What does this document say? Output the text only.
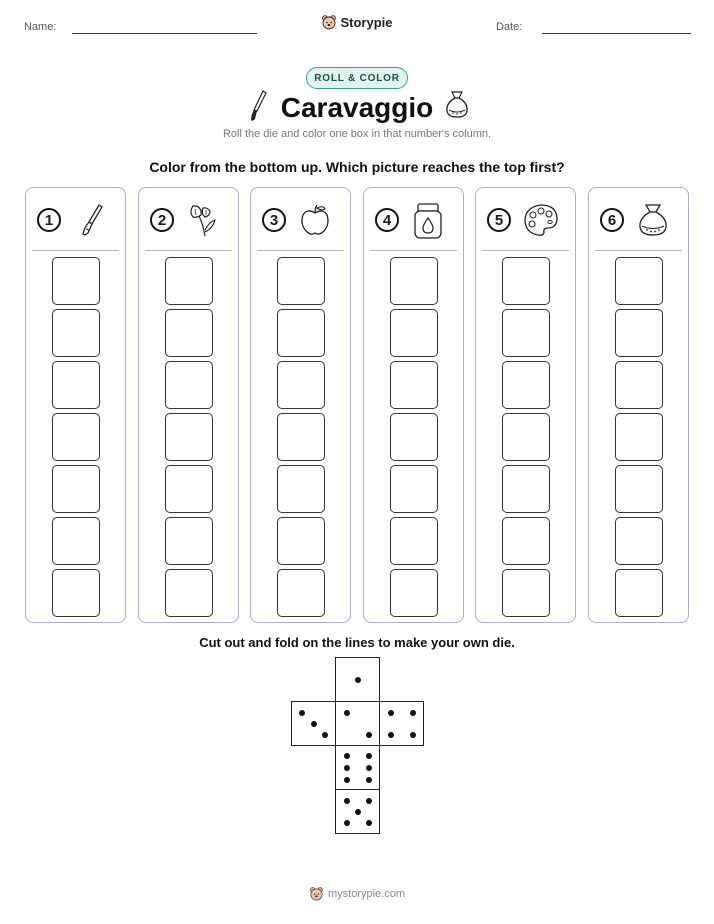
Name:	Storypie	Date:
ROLL & COLOR
Caravaggio
Roll the die and color one box in that number's column.
Color from the bottom up. Which picture reaches the top first?
1	2	3	4	5	6
Cut out and fold on the lines to make your own die.
mystorypie.com
